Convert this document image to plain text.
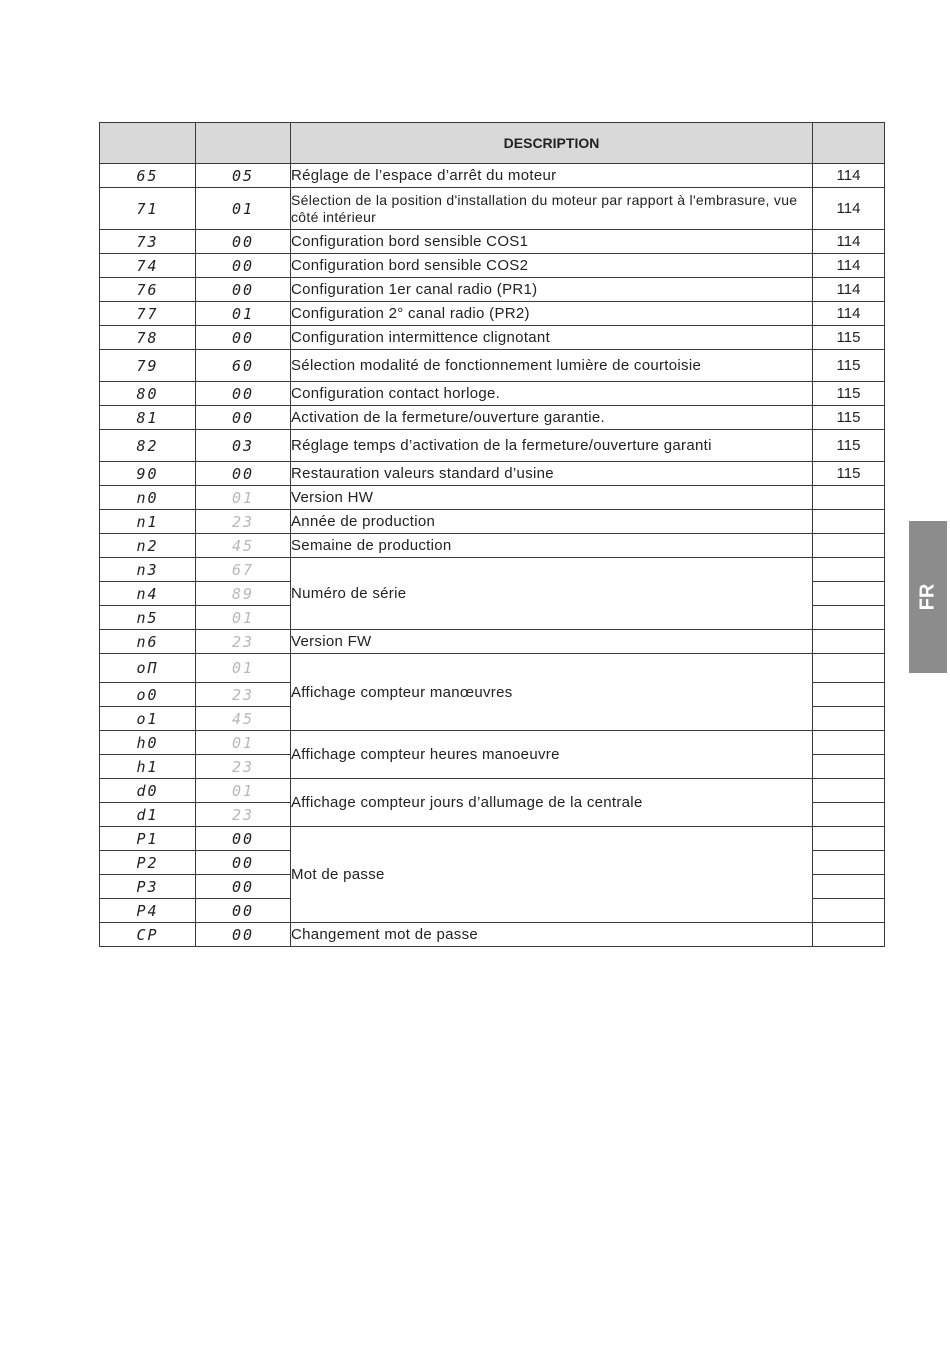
		DESCRIPTION	
65	05	Réglage de l’espace d’arrêt du moteur	114
71	01	Sélection de la position d'installation du moteur par rapport à l'embrasure, vue côté intérieur	114
73	00	Configuration bord sensible COS1	114
74	00	Configuration bord sensible COS2	114
76	00	Configuration 1er canal radio (PR1)	114
77	01	Configuration 2° canal radio (PR2)	114
78	00	Configuration intermittence clignotant	115
79	60	Sélection modalité de fonctionnement lumière de courtoisie	115
80	00	Configuration contact horloge.	115
81	00	Activation de la fermeture/ouverture garantie.	115
82	03	Réglage temps d’activation de la fermeture/ouverture garanti	115
90	00	Restauration valeurs standard d’usine	115
n0	01	Version HW	
n1	23	Année de production	
n2	45	Semaine de production	
n3	67	Numéro de série	
n4	89		
n5	01		
n6	23	Version FW	
oΠ	01	Affichage compteur manœuvres	
o0	23		
o1	45		
h0	01	Affichage compteur heures manoeuvre	
h1	23		
d0	01	Affichage compteur jours d’allumage de la centrale	
d1	23		
P1	00	Mot de passe	
P2	00		
P3	00		
P4	00		
CP	00	Changement mot de passe	
FR
